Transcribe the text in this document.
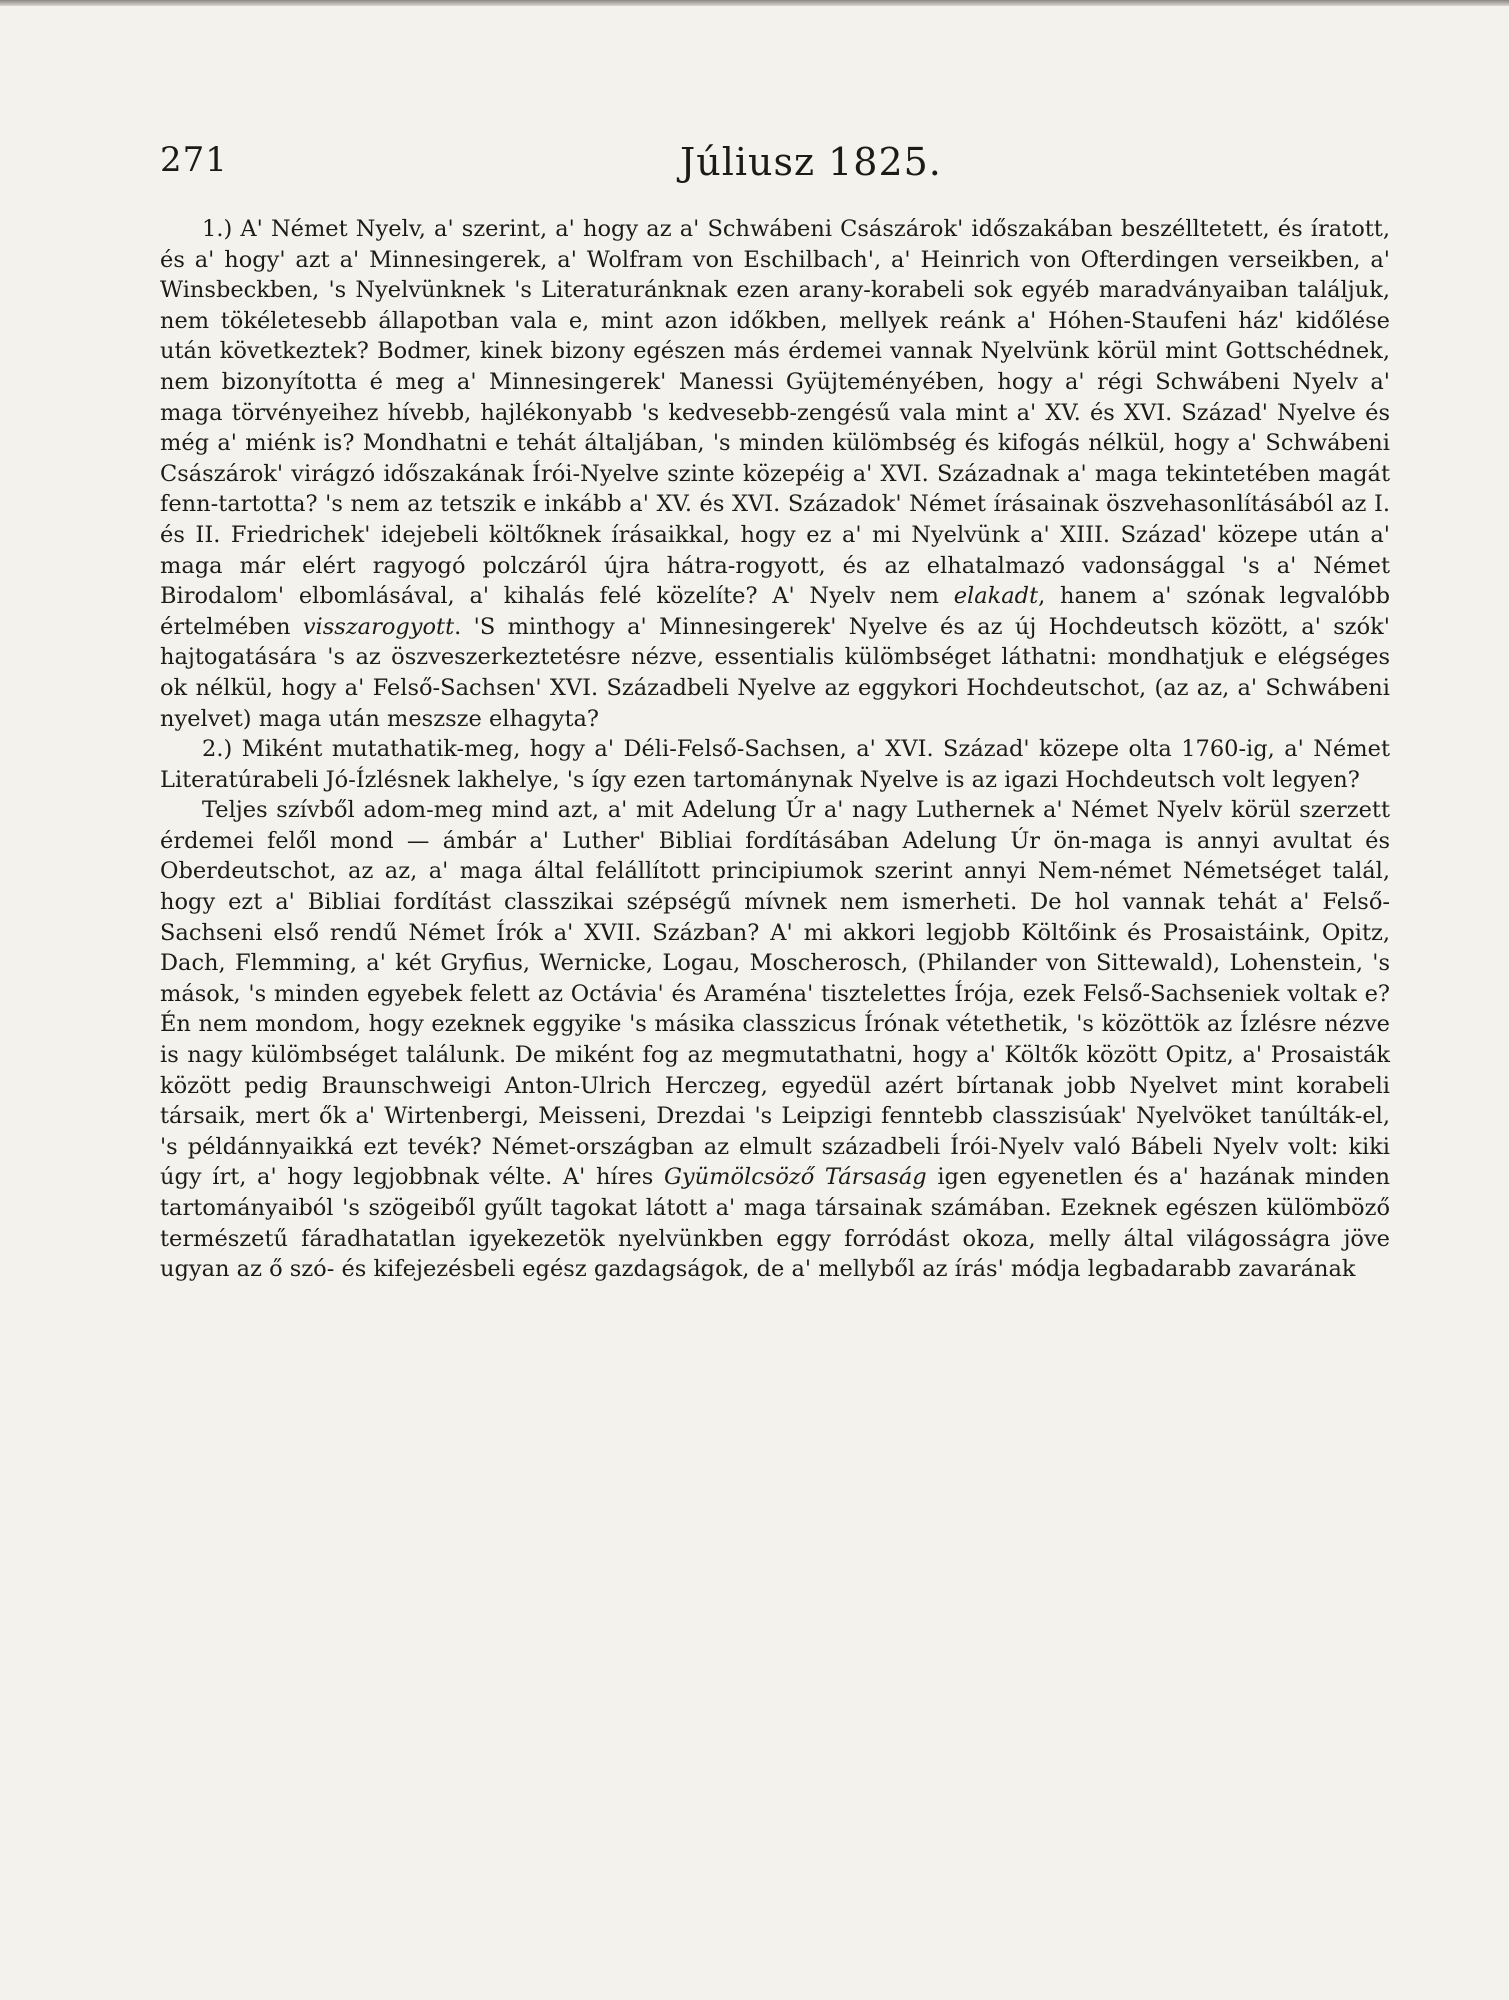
271	Júliusz 1825.

1.) A' Német Nyelv, a' szerint, a' hogy az a' Schwábeni Császárok' időszakában beszélltetett, és íratott, és a' hogy' azt a' Minnesingerek, a' Wolfram von Eschilbach', a' Heinrich von Ofterdingen verseikben, a' Winsbeckben, 's Nyelvünknek 's Literaturánknak ezen arany-korabeli sok egyéb maradványaiban találjuk, nem tökéletesebb állapotban vala e, mint azon időkben, mellyek reánk a' Hóhen-Staufeni ház' kidőlése után következtek? Bodmer, kinek bizony egészen más érdemei vannak Nyelvünk körül mint Gottschédnek, nem bizonyította é meg a' Minnesingerek' Manessi Gyüjteményében, hogy a' régi Schwábeni Nyelv a' maga törvényeihez hívebb, hajlékonyabb 's kedvesebb-zengésű vala mint a' XV. és XVI. Század' Nyelve és még a' miénk is? Mondhatni e tehát általjában, 's minden külömbség és kifogás nélkül, hogy a' Schwábeni Császárok' virágzó időszakának Írói-Nyelve szinte közepéig a' XVI. Századnak a' maga tekintetében magát fenn-tartotta? 's nem az tetszik e inkább a' XV. és XVI. Századok' Német írásainak öszvehasonlításából az I. és II. Friedrichek' idejebeli költőknek írásaikkal, hogy ez a' mi Nyelvünk a' XIII. Század' közepe után a' maga már elért ragyogó polczáról újra hátra-rogyott, és az elhatalmazó vadonsággal 's a' Német Birodalom' elbomlásával, a' kihalás felé közelíte? A' Nyelv nem elakadt, hanem a' szónak legvalóbb értelmében visszarogyott. 'S minthogy a' Minnesingerek' Nyelve és az új Hochdeutsch között, a' szók' hajtogatására 's az öszveszerkeztetésre nézve, essentialis külömbséget láthatni: mondhatjuk e elégséges ok nélkül, hogy a' Felső-Sachsen' XVI. Századbeli Nyelve az eggykori Hochdeutschot, (az az, a' Schwábeni nyelvet) maga után meszsze elhagyta?

2.) Miként mutathatik-meg, hogy a' Déli-Felső-Sachsen, a' XVI. Század' közepe olta 1760-ig, a' Német Literatúrabeli Jó-Ízlésnek lakhelye, 's így ezen tartománynak Nyelve is az igazi Hochdeutsch volt legyen?

Teljes szívből adom-meg mind azt, a' mit Adelung Úr a' nagy Luthernek a' Német Nyelv körül szerzett érdemei felől mond — ámbár a' Luther' Bibliai fordításában Adelung Úr ön-maga is annyi avultat és Oberdeutschot, az az, a' maga által felállított principiumok szerint annyi Nem-német Németséget talál, hogy ezt a' Bibliai fordítást classzikai szépségű mívnek nem ismerheti. De hol vannak tehát a' Felső-Sachseni első rendű Német Írók a' XVII. Százban? A' mi akkori legjobb Költőink és Prosaistáink, Opitz, Dach, Flemming, a' két Gryfius, Wernicke, Logau, Moscherosch, (Philander von Sittewald), Lohenstein, 's mások, 's minden egyebek felett az Octávia' és Araména' tisztelettes Írója, ezek Felső-Sachseniek voltak e? Én nem mondom, hogy ezeknek eggyike 's másika classzicus Írónak vétethetik, 's közöttök az Ízlésre nézve is nagy külömbséget találunk. De miként fog az megmutathatni, hogy a' Költők között Opitz, a' Prosaisták között pedig Braunschweigi Anton-Ulrich Herczeg, egyedül azért bírtanak jobb Nyelvet mint korabeli társaik, mert ők a' Wirtenbergi, Meisseni, Drezdai 's Leipzigi fenntebb classzisúak' Nyelvöket tanúlták-el, 's példánnyaikká ezt tevék? Német-országban az elmult századbeli Írói-Nyelv való Bábeli Nyelv volt: kiki úgy írt, a' hogy legjobbnak vélte. A' híres Gyümölcsöző Társaság igen egyenetlen és a' hazának minden tartományaiból 's szögeiből gyűlt tagokat látott a' maga társainak számában. Ezeknek egészen külömböző természetű fáradhatatlan igyekezetök nyelvünkben eggy forródást okoza, melly által világosságra jöve ugyan az ő szó- és kifejezésbeli egész gazdagságok, de a' mellyből az írás' módja legbadarabb zavarának
